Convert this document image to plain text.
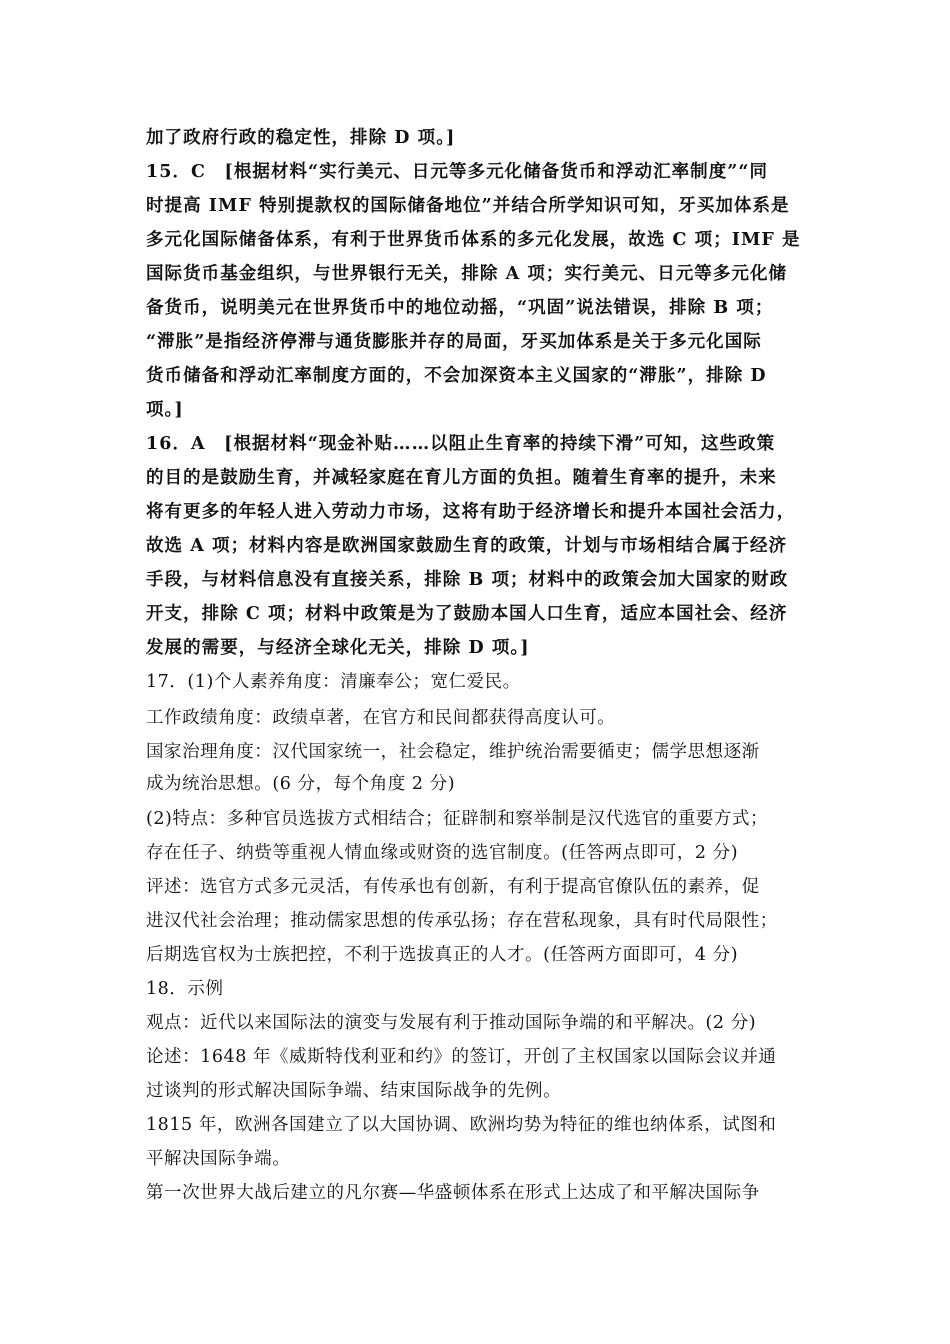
加了政府行政的稳定性，排除 D 项。]
15．C　[根据材料“实行美元、日元等多元化储备货币和浮动汇率制度”“同
时提高 IMF 特别提款权的国际储备地位”并结合所学知识可知，牙买加体系是
多元化国际储备体系，有利于世界货币体系的多元化发展，故选 C 项；IMF 是
国际货币基金组织，与世界银行无关，排除 A 项；实行美元、日元等多元化储
备货币，说明美元在世界货币中的地位动摇，“巩固”说法错误，排除 B 项；
“滞胀”是指经济停滞与通货膨胀并存的局面，牙买加体系是关于多元化国际
货币储备和浮动汇率制度方面的，不会加深资本主义国家的“滞胀”，排除 D
项。]
16．A　[根据材料“现金补贴……以阻止生育率的持续下滑”可知，这些政策
的目的是鼓励生育，并减轻家庭在育儿方面的负担。随着生育率的提升，未来
将有更多的年轻人进入劳动力市场，这将有助于经济增长和提升本国社会活力，
故选 A 项；材料内容是欧洲国家鼓励生育的政策，计划与市场相结合属于经济
手段，与材料信息没有直接关系，排除 B 项；材料中的政策会加大国家的财政
开支，排除 C 项；材料中政策是为了鼓励本国人口生育，适应本国社会、经济
发展的需要，与经济全球化无关，排除 D 项。]
17．(1)个人素养角度：清廉奉公；宽仁爱民。
工作政绩角度：政绩卓著，在官方和民间都获得高度认可。
国家治理角度：汉代国家统一，社会稳定，维护统治需要循吏；儒学思想逐渐
成为统治思想。(6 分，每个角度 2 分)
(2)特点：多种官员选拔方式相结合；征辟制和察举制是汉代选官的重要方式；
存在任子、纳赀等重视人情血缘或财资的选官制度。(任答两点即可，2 分)
评述：选官方式多元灵活，有传承也有创新，有利于提高官僚队伍的素养，促
进汉代社会治理；推动儒家思想的传承弘扬；存在营私现象，具有时代局限性；
后期选官权为士族把控，不利于选拔真正的人才。(任答两方面即可，4 分)
18．示例
观点：近代以来国际法的演变与发展有利于推动国际争端的和平解决。(2 分)
论述：1648 年《威斯特伐利亚和约》的签订，开创了主权国家以国际会议并通
过谈判的形式解决国际争端、结束国际战争的先例。
1815 年，欧洲各国建立了以大国协调、欧洲均势为特征的维也纳体系，试图和
平解决国际争端。
第一次世界大战后建立的凡尔赛—华盛顿体系在形式上达成了和平解决国际争
